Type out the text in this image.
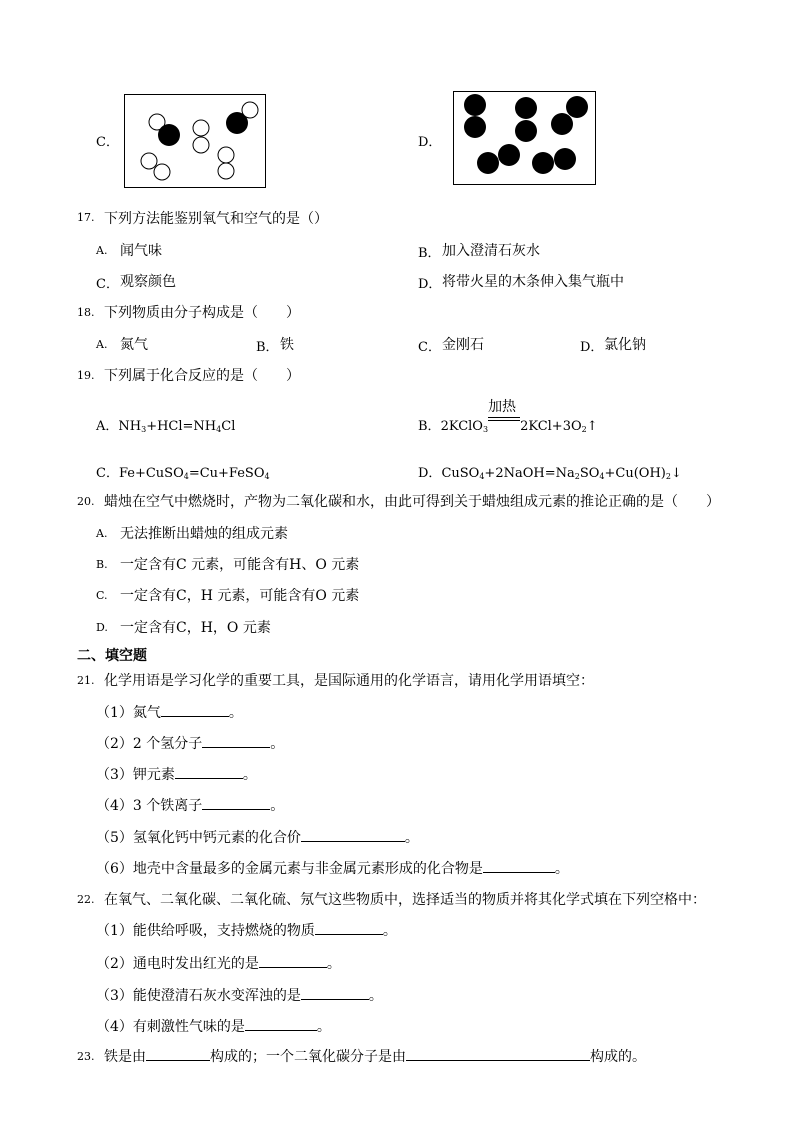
C．	D．
17. 下列方法能鉴别氧气和空气的是（）
A. 闻气味	B． 加入澄清石灰水
C． 观察颜色	D． 将带火星的木条伸入集气瓶中
18. 下列物质由分子构成是（　　）
A. 氮气	B． 铁	C． 金刚石	D． 氯化钠
19. 下列属于化合反应的是（　　）
A．$NH_3+HCl=NH_4Cl$	B．2KClO$_3$
加热
$2KCl+3O_2↑$
C．Fe+CuSO$_4$=Cu+FeSO$_4$	D．$CuSO_4+2NaOH=Na_2SO_4+Cu(OH)_2↓$
20. 蜡烛在空气中燃烧时，产物为二氧化碳和水，由此可得到关于蜡烛组成元素的推论正确的是（　　）
A. 无法推断出蜡烛的组成元素
B. 一定含有C 元素，可能含有H、O 元素
C. 一定含有C，H 元素，可能含有O 元素
D. 一定含有C，H，O 元素
二、填空题
21. 化学用语是学习化学的重要工具，是国际通用的化学语言，请用化学用语填空：
（1）氮气	。
（2）2 个氢分子	。
（3）钾元素	。
（4）3 个铁离子	。
（5）氢氧化钙中钙元素的化合价	。
（6）地壳中含量最多的金属元素与非金属元素形成的化合物是	。
22. 在氧气、二氧化碳、二氧化硫、氖气这些物质中，选择适当的物质并将其化学式填在下列空格中：
（1）能供给呼吸，支持燃烧的物质	。
（2）通电时发出红光的是	。
（3）能使澄清石灰水变浑浊的是	。
（4）有刺激性气味的是	。
23. 铁是由	构成的；一个二氧化碳分子是由	构成的。
